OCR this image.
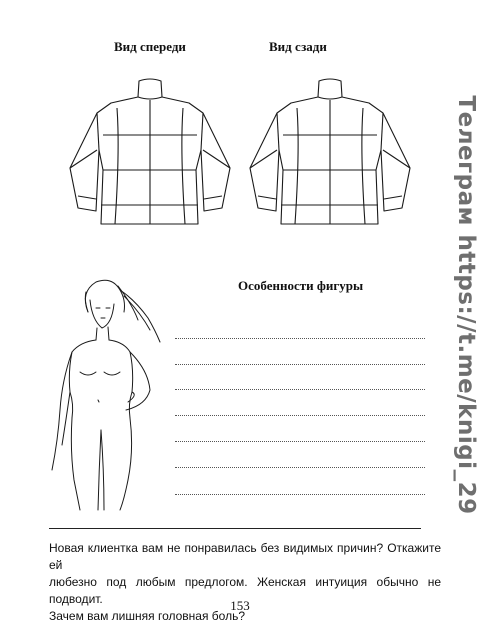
Вид спереди	Вид сзади
Особенности фигуры	Телеграм https://t.me/knigi_29
Новая клиентка вам не понравилась без видимых причин? Откажите ей
любезно под любым предлогом. Женская интуиция обычно не подводит.
Зачем вам лишняя головная боль?
153
